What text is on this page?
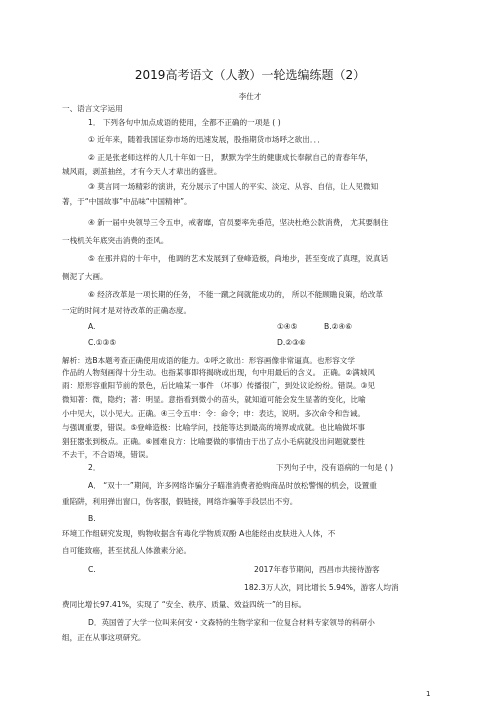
2019高考语文（人教）一轮选编练题（2）
李仕才
一、语言文字运用
1． 下列各句中加点成语的使用，全都不正确的一项是 ( )
① 近年来，随着我国证券市场的迅速发展，股指期货市场呼之欲出．．．
② 正是张老师这样的人几十年如一日， 默默为学生的健康成长奉献自己的青春年华，
城风雨，剥茧抽丝，才有今天人才辈出的盛世。
③ 莫言同一场精彩的演讲，充分展示了中国人的平实、淡定、从容、自信，让人见微知
著，于“中国故事”中品味“中国精神”。
④ 新一届中央领导三令五申，戒奢靡，官员要率先垂范，坚决杜绝公款消费， 尤其要制住
一栈机关年底突击消费的歪风。
⑤ 在那并肩的十年中， 他调的艺术发展到了登峰造极，尚地步，甚至变成了真理，说真话
侧泥了大画。
⑥ 经济改革是一项长期的任务， 不能一蹴之间就能成功的， 所以不能顾瞻良策，给改革
一定的时间才是对待改革的正确态度。
A.	①④⑤	B.②④⑥
C.①③⑤	D.②③⑥
解析：选B本题考查正确使用成语的能力。①呼之欲出：形容画像非常逼真。也形容文学
作品的人物刻画得十分生动。也指某事即将揭晓或出现，句中用最后的含义。 正确。②满城风
雨：原形容重阳节前的景色，后比喻某一事件 （坏事）传播很广，到处议论纷纷。错误。③见
微知著：微，隐约；著：明显。意指看到微小的苗头，就知道可能会发生显著的变化，比喻
小中见大，以小见大。正确。④三令五申：令：命令；申：表达，说明。多次命令和告诫。
与强调重要，错误。⑤登峰造极：比喻学问，技能等达到最高的境界或成就。也比喻做坏事
猖狂嚣张到极点。正确。⑥圆难良方：比喻要做的事情由于出了点小毛病就没出问题就要性
不去干，不合语境，错误。
2．	下列句子中，没有语病的一句是 ( )
A． “双十一”期间，许多网络诈骗分子瞄准消费者抢购商品时放松警惕的机会，设置重
重陷阱，利用弹出窗口，伪客服，假链接，网络诈骗等手段层出不穷。
B.
环境工作组研究发现，购物收据含有毒化学物质双酚 A也能经由皮肤进入人体，不
自可能致癌，甚至扰乱人体激素分泌。
C.	2017年春节期间，西昌市共接待游客
182.3万人次，同比增长 5.94%，游客人均消
费同比增长97.41%，实现了 “安全、秩序、质量、效益四统一”的目标。
D．英国曾了大学一位叫来何安・文森特的生物学家和一位复合材料专家领导的科研小
组，正在从事这项研究。
1
